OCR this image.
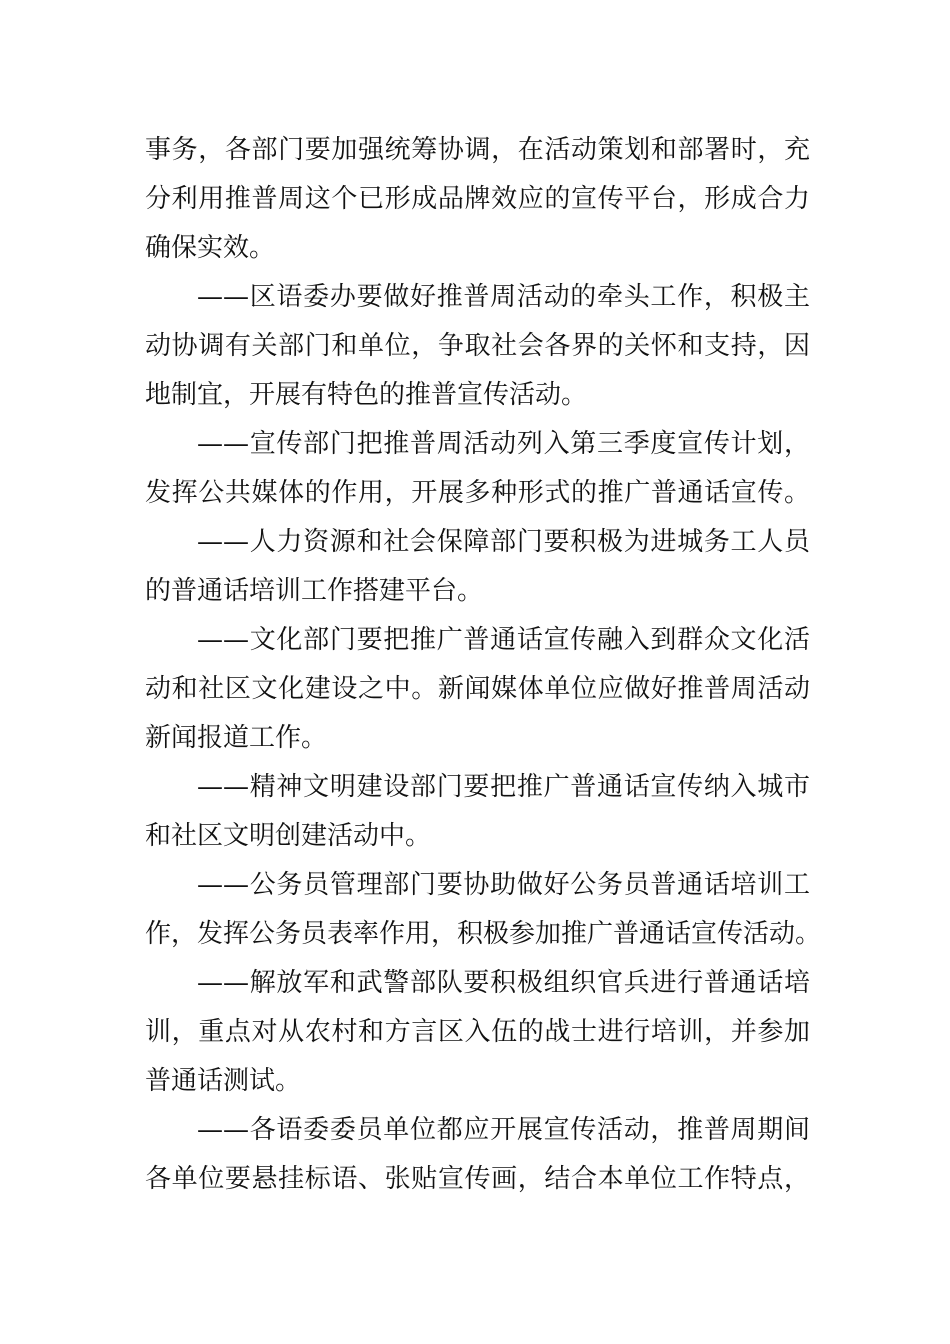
事务，各部门要加强统筹协调，在活动策划和部署时，充
分利用推普周这个已形成品牌效应的宣传平台，形成合力
确保实效。
——区语委办要做好推普周活动的牵头工作，积极主
动协调有关部门和单位，争取社会各界的关怀和支持，因
地制宜，开展有特色的推普宣传活动。
——宣传部门把推普周活动列入第三季度宣传计划，
发挥公共媒体的作用，开展多种形式的推广普通话宣传。
——人力资源和社会保障部门要积极为进城务工人员
的普通话培训工作搭建平台。
——文化部门要把推广普通话宣传融入到群众文化活
动和社区文化建设之中。新闻媒体单位应做好推普周活动
新闻报道工作。
——精神文明建设部门要把推广普通话宣传纳入城市
和社区文明创建活动中。
——公务员管理部门要协助做好公务员普通话培训工
作，发挥公务员表率作用，积极参加推广普通话宣传活动。
——解放军和武警部队要积极组织官兵进行普通话培
训，重点对从农村和方言区入伍的战士进行培训，并参加
普通话测试。
——各语委委员单位都应开展宣传活动，推普周期间
各单位要悬挂标语、张贴宣传画，结合本单位工作特点，
